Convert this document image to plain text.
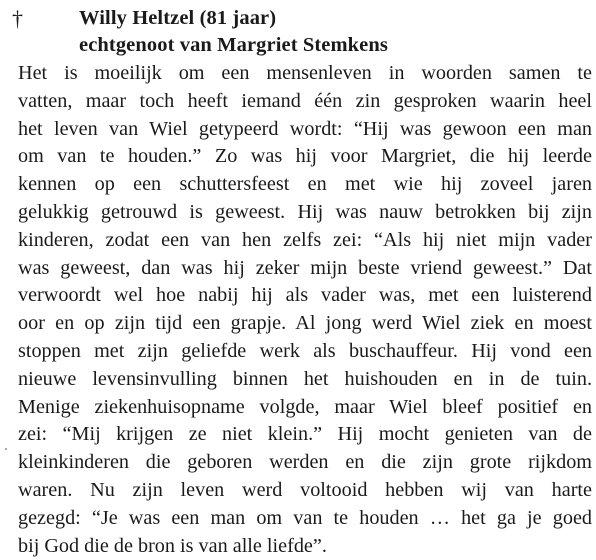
†	Willy Heltzel (81 jaar)
echtgenoot van Margriet Stemkens
Het is moeilijk om een mensenleven in woorden samen te
vatten, maar toch heeft iemand één zin gesproken waarin heel
het leven van Wiel getypeerd wordt: “Hij was gewoon een man
om van te houden.” Zo was hij voor Margriet, die hij leerde
kennen op een schuttersfeest en met wie hij zoveel jaren
gelukkig getrouwd is geweest. Hij was nauw betrokken bij zijn
kinderen, zodat een van hen zelfs zei: “Als hij niet mijn vader
was geweest, dan was hij zeker mijn beste vriend geweest.” Dat
verwoordt wel hoe nabij hij als vader was, met een luisterend
oor en op zijn tijd een grapje. Al jong werd Wiel ziek en moest
stoppen met zijn geliefde werk als buschauffeur. Hij vond een
nieuwe levensinvulling binnen het huishouden en in de tuin.
Menige ziekenhuisopname volgde, maar Wiel bleef positief en
zei: “Mij krijgen ze niet klein.” Hij mocht genieten van de
kleinkinderen die geboren werden en die zijn grote rijkdom
waren. Nu zijn leven werd voltooid hebben wij van harte
gezegd: “Je was een man om van te houden … het ga je goed
bij God die de bron is van alle liefde”.
